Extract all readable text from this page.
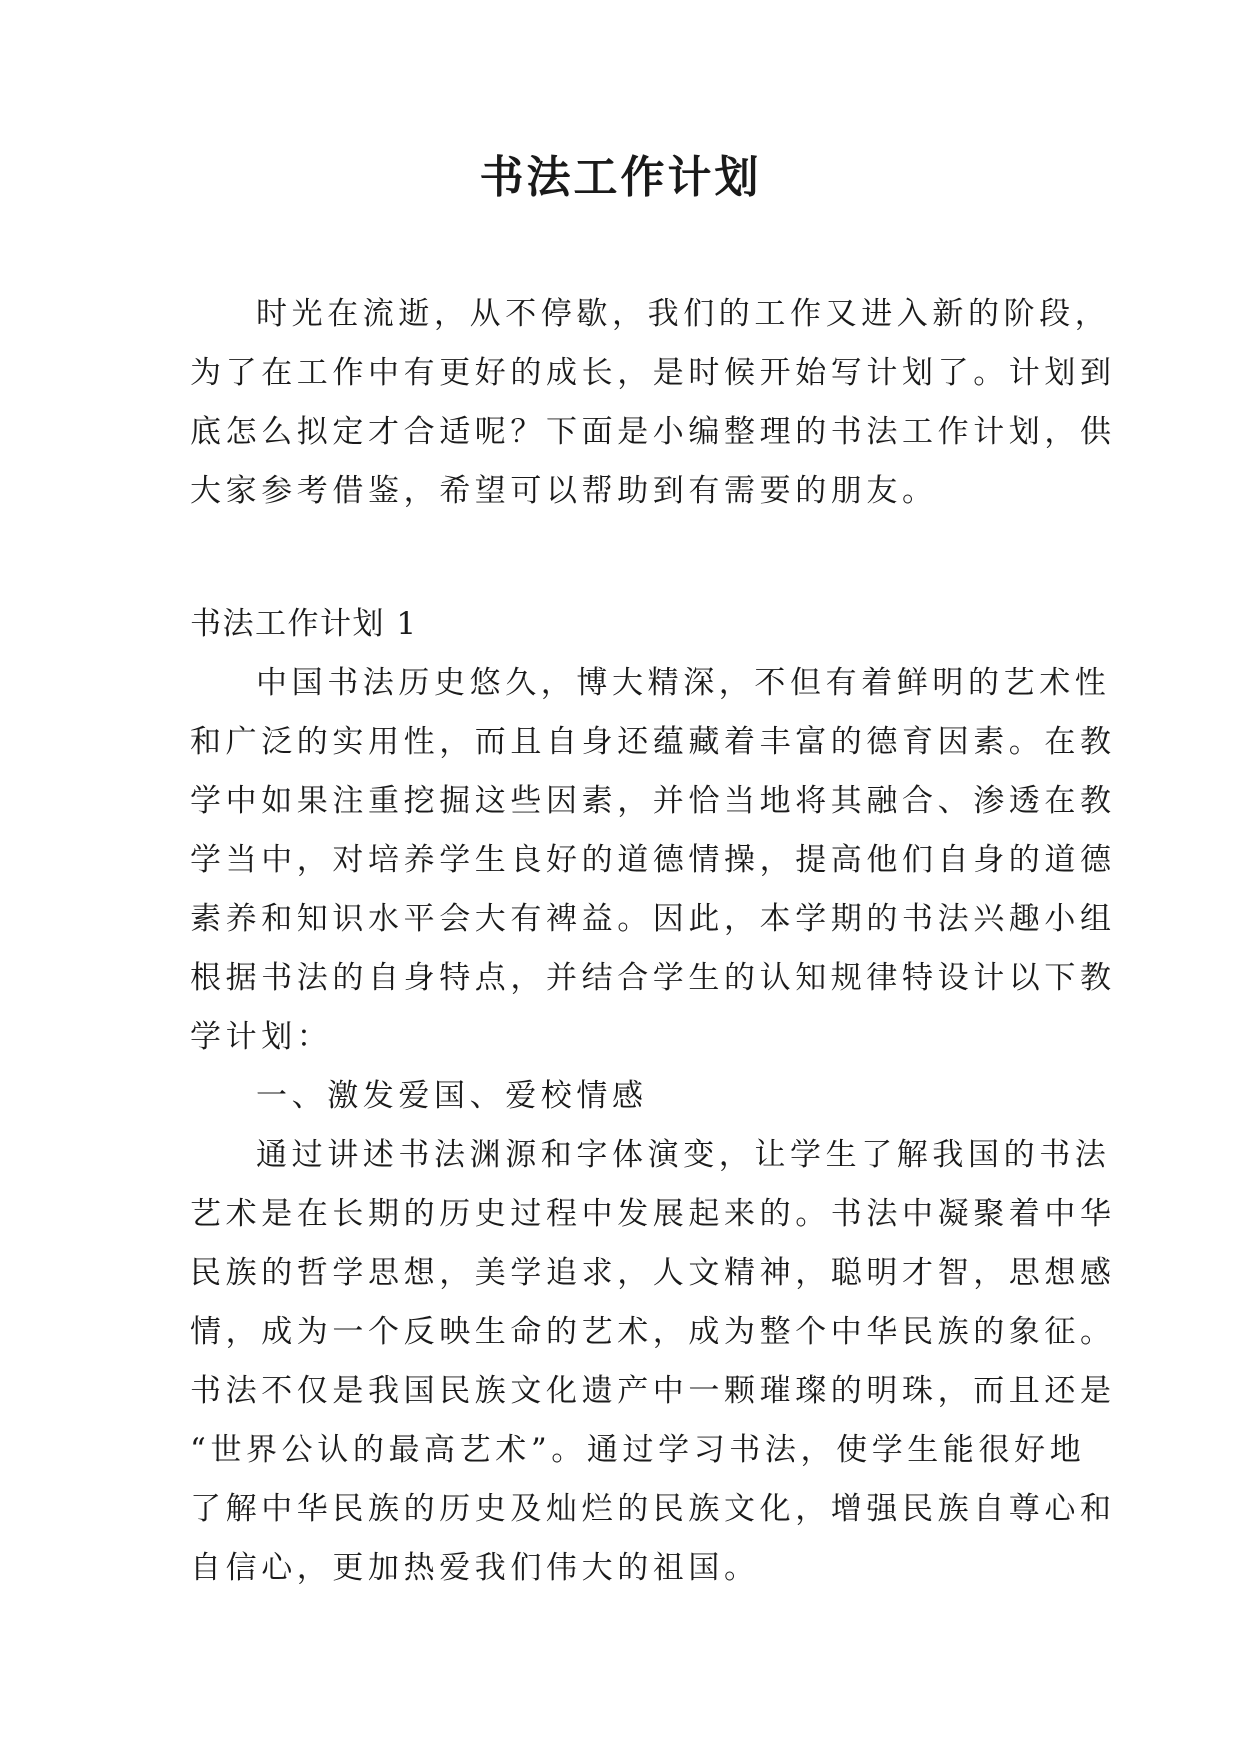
书法工作计划
时光在流逝，从不停歇，我们的工作又进入新的阶段，
为了在工作中有更好的成长，是时候开始写计划了。计划到
底怎么拟定才合适呢？下面是小编整理的书法工作计划，供
大家参考借鉴，希望可以帮助到有需要的朋友。
书法工作计划 1
中国书法历史悠久，博大精深，不但有着鲜明的艺术性
和广泛的实用性，而且自身还蕴藏着丰富的德育因素。在教
学中如果注重挖掘这些因素，并恰当地将其融合、渗透在教
学当中，对培养学生良好的道德情操，提高他们自身的道德
素养和知识水平会大有裨益。因此，本学期的书法兴趣小组
根据书法的自身特点，并结合学生的认知规律特设计以下教
学计划：
一、激发爱国、爱校情感
通过讲述书法渊源和字体演变，让学生了解我国的书法
艺术是在长期的历史过程中发展起来的。书法中凝聚着中华
民族的哲学思想，美学追求，人文精神，聪明才智，思想感
情，成为一个反映生命的艺术，成为整个中华民族的象征。
书法不仅是我国民族文化遗产中一颗璀璨的明珠，而且还是
“世界公认的最高艺术”。通过学习书法，使学生能很好地
了解中华民族的历史及灿烂的民族文化，增强民族自尊心和
自信心，更加热爱我们伟大的祖国。
